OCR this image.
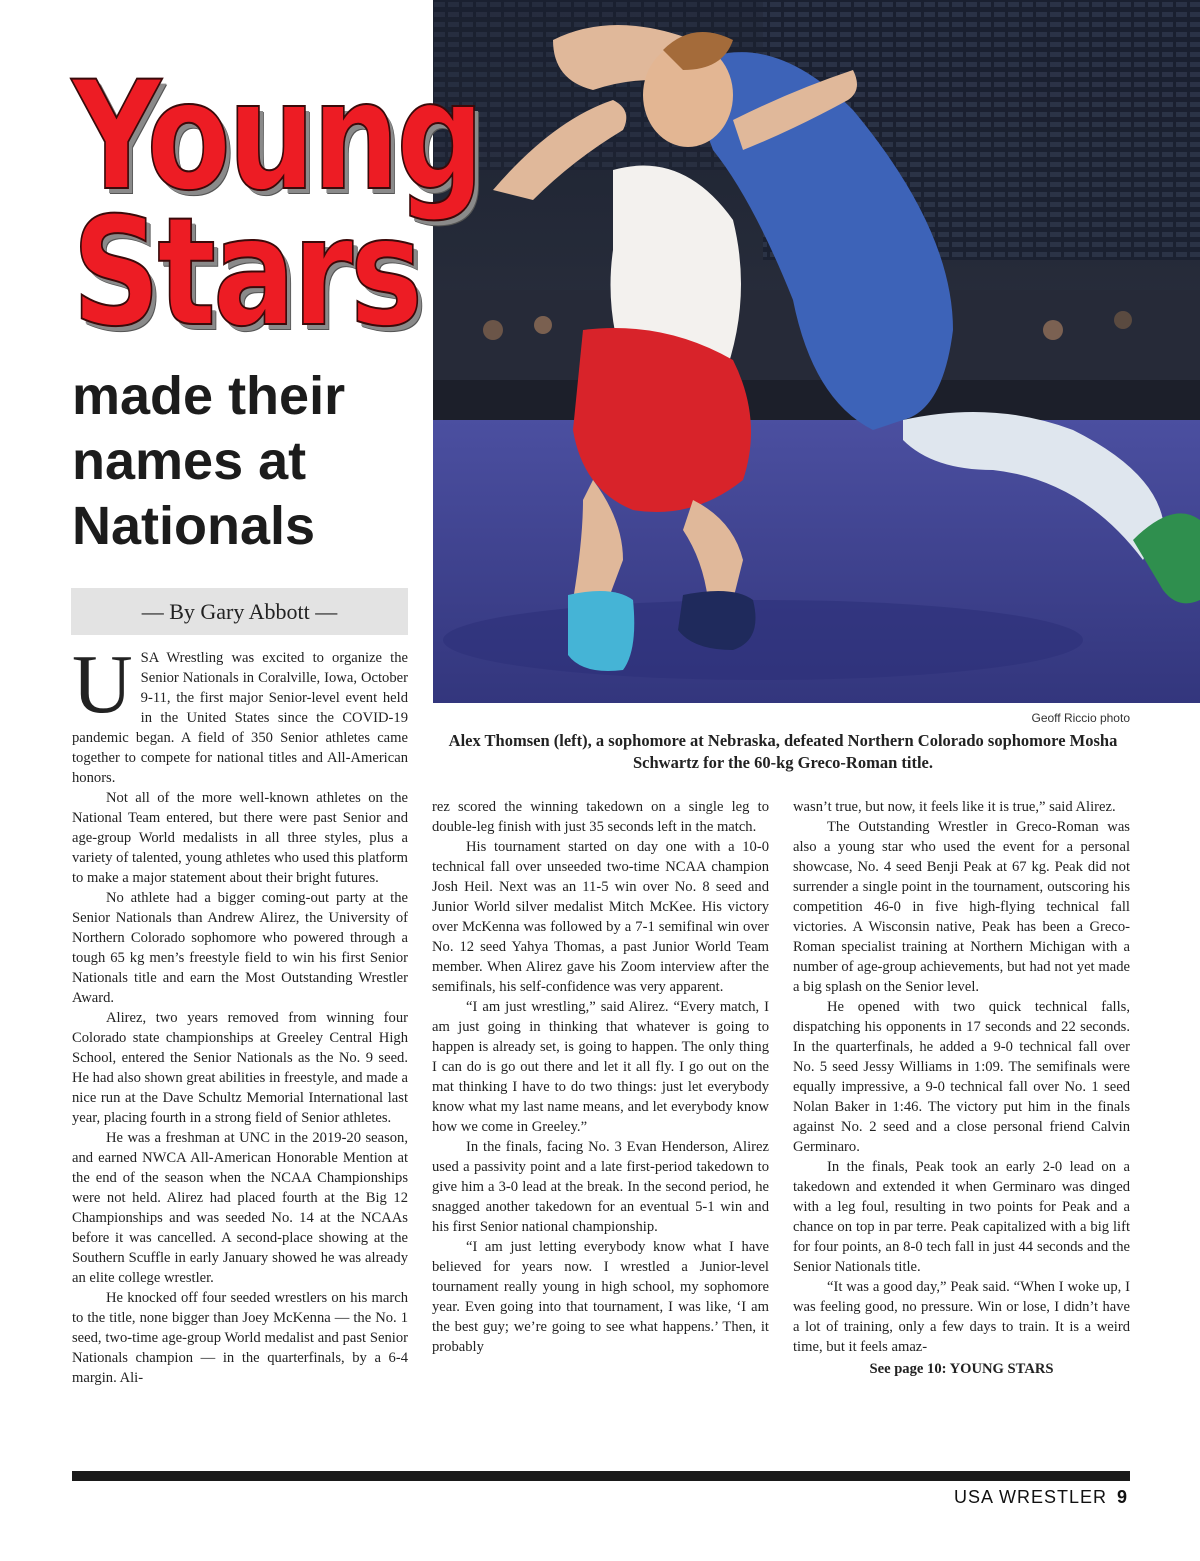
Young
Stars
made their names at Nationals
— By Gary Abbott —
Geoff Riccio photo
Alex Thomsen (left), a sophomore at Nebraska, defeated Northern Colorado sophomore Mosha Schwartz for the 60-kg Greco-Roman title.

USA Wrestling was excited to organize the Senior Nationals in Coralville, Iowa, October 9-11, the first major Senior-level event held in the United States since the COVID-19 pandemic began. A field of 350 Senior athletes came together to compete for national titles and All-American honors.

Not all of the more well-known athletes on the National Team entered, but there were past Senior and age-group World medalists in all three styles, plus a variety of talented, young athletes who used this platform to make a major statement about their bright futures.

No athlete had a bigger coming-out party at the Senior Nationals than Andrew Alirez, the University of Northern Colorado sophomore who powered through a tough 65 kg men’s freestyle field to win his first Senior Nationals title and earn the Most Outstanding Wrestler Award.

Alirez, two years removed from winning four Colorado state championships at Greeley Central High School, entered the Senior Nationals as the No. 9 seed. He had also shown great abilities in freestyle, and made a nice run at the Dave Schultz Memorial International last year, placing fourth in a strong field of Senior athletes.

He was a freshman at UNC in the 2019-20 season, and earned NWCA All-American Honorable Mention at the end of the season when the NCAA Championships were not held. Alirez had placed fourth at the Big 12 Championships and was seeded No. 14 at the NCAAs before it was cancelled. A second-place showing at the Southern Scuffle in early January showed he was already an elite college wrestler.

He knocked off four seeded wrestlers on his march to the title, none bigger than Joey McKenna — the No. 1 seed, two-time age-group World medalist and past Senior Nationals champion — in the quarterfinals, by a 6-4 margin. Ali-

rez scored the winning takedown on a single leg to double-leg finish with just 35 seconds left in the match.

His tournament started on day one with a 10-0 technical fall over unseeded two-time NCAA champion Josh Heil. Next was an 11-5 win over No. 8 seed and Junior World silver medalist Mitch McKee. His victory over McKenna was followed by a 7-1 semifinal win over No. 12 seed Yahya Thomas, a past Junior World Team member. When Alirez gave his Zoom interview after the semifinals, his self-confidence was very apparent.

“I am just wrestling,” said Alirez. “Every match, I am just going in thinking that whatever is going to happen is already set, is going to happen. The only thing I can do is go out there and let it all fly. I go out on the mat thinking I have to do two things: just let everybody know what my last name means, and let everybody know how we come in Greeley.”

In the finals, facing No. 3 Evan Henderson, Alirez used a passivity point and a late first-period takedown to give him a 3-0 lead at the break. In the second period, he snagged another takedown for an eventual 5-1 win and his first Senior national championship.

“I am just letting everybody know what I have believed for years now. I wrestled a Junior-level tournament really young in high school, my sophomore year. Even going into that tournament, I was like, ‘I am the best guy; we’re going to see what happens.’ Then, it probably

wasn’t true, but now, it feels like it is true,” said Alirez.

The Outstanding Wrestler in Greco-Roman was also a young star who used the event for a personal showcase, No. 4 seed Benji Peak at 67 kg. Peak did not surrender a single point in the tournament, outscoring his competition 46-0 in five high-flying technical fall victories. A Wisconsin native, Peak has been a Greco-Roman specialist training at Northern Michigan with a number of age-group achievements, but had not yet made a big splash on the Senior level.

He opened with two quick technical falls, dispatching his opponents in 17 seconds and 22 seconds. In the quarterfinals, he added a 9-0 technical fall over No. 5 seed Jessy Williams in 1:09. The semifinals were equally impressive, a 9-0 technical fall over No. 1 seed Nolan Baker in 1:46. The victory put him in the finals against No. 2 seed and a close personal friend Calvin Germinaro.

In the finals, Peak took an early 2-0 lead on a takedown and extended it when Germinaro was dinged with a leg foul, resulting in two points for Peak and a chance on top in par terre. Peak capitalized with a big lift for four points, an 8-0 tech fall in just 44 seconds and the Senior Nationals title.

“It was a good day,” Peak said. “When I woke up, I was feeling good, no pressure. Win or lose, I didn’t have a lot of training, only a few days to train. It is a weird time, but it feels amaz-

See page 10: YOUNG STARS

USA WRESTLER 9
